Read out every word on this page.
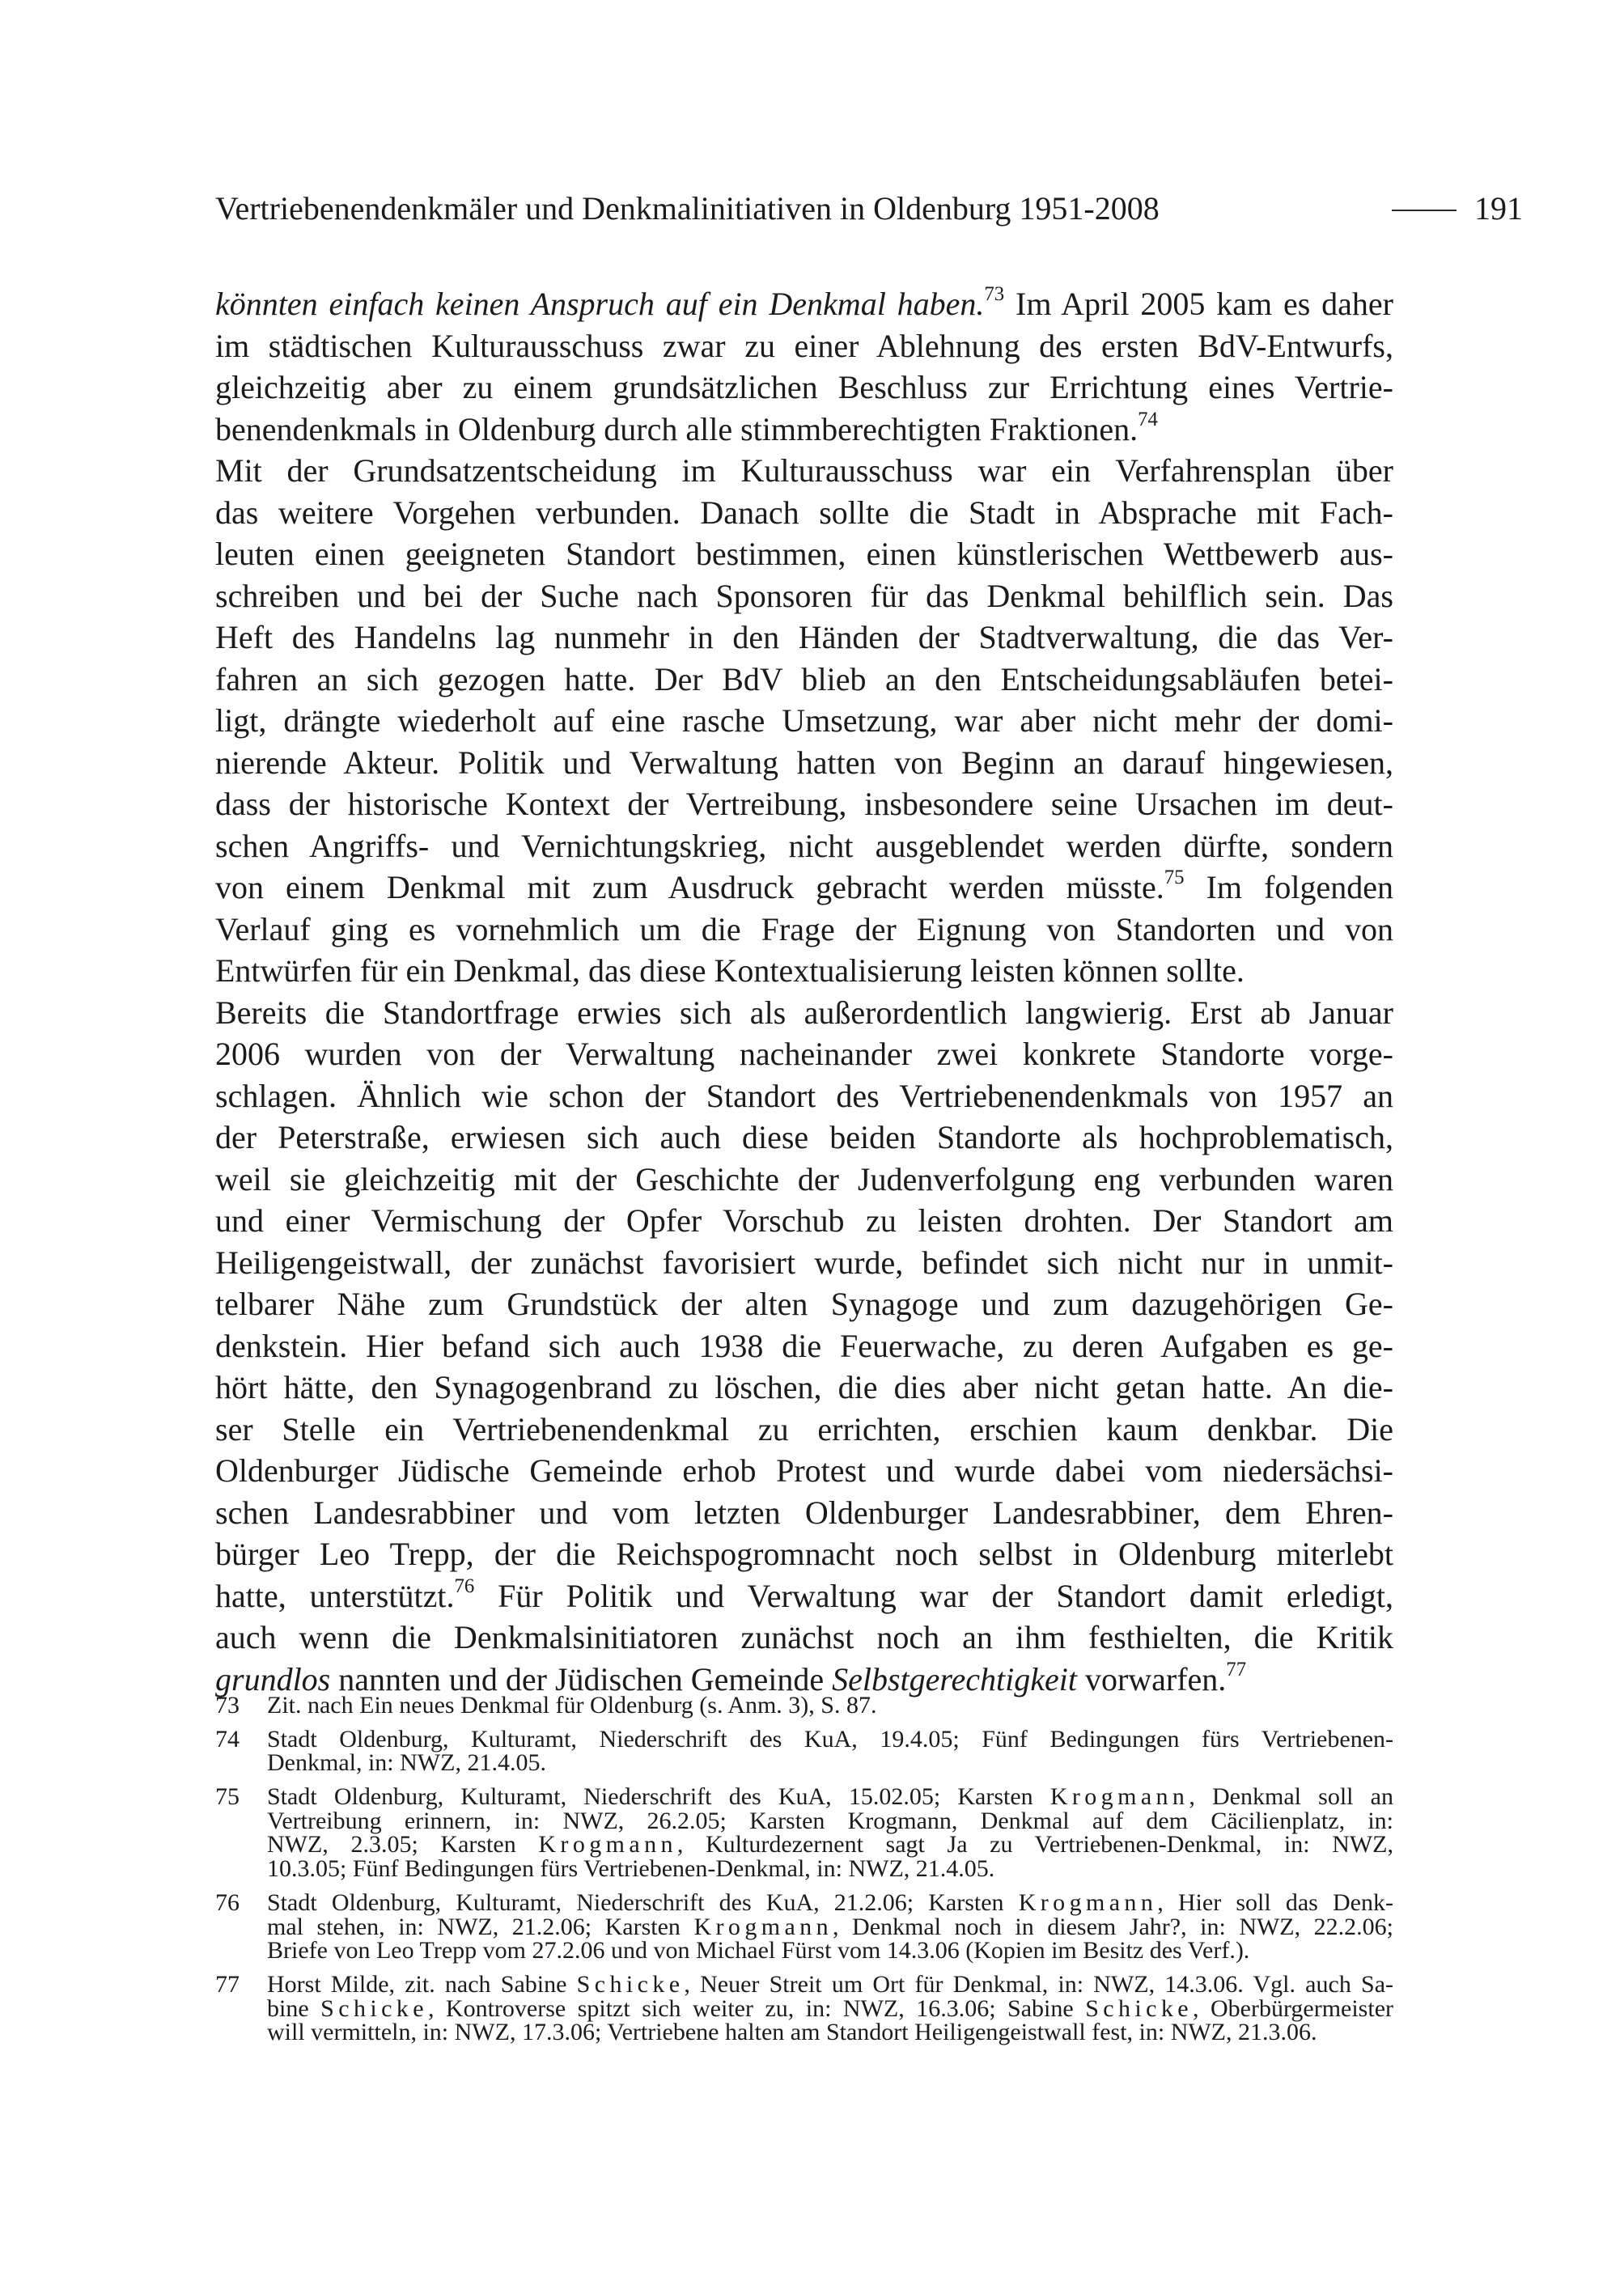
Vertriebenendenkmäler und Denkmalinitiativen in Oldenburg 1951-2008	191
könnten einfach keinen Anspruch auf ein Denkmal haben.$^{73}$ Im April 2005 kam es daher
im städtischen Kulturausschuss zwar zu einer Ablehnung des ersten BdV-Entwurfs,
gleichzeitig aber zu einem grundsätzlichen Beschluss zur Errichtung eines Vertrie-
benendenkmals in Oldenburg durch alle stimmberechtigten Fraktionen.$^{74}$
Mit der Grundsatzentscheidung im Kulturausschuss war ein Verfahrensplan über
das weitere Vorgehen verbunden. Danach sollte die Stadt in Absprache mit Fach-
leuten einen geeigneten Standort bestimmen, einen künstlerischen Wettbewerb aus-
schreiben und bei der Suche nach Sponsoren für das Denkmal behilflich sein. Das
Heft des Handelns lag nunmehr in den Händen der Stadtverwaltung, die das Ver-
fahren an sich gezogen hatte. Der BdV blieb an den Entscheidungsabläufen betei-
ligt, drängte wiederholt auf eine rasche Umsetzung, war aber nicht mehr der domi-
nierende Akteur. Politik und Verwaltung hatten von Beginn an darauf hingewiesen,
dass der historische Kontext der Vertreibung, insbesondere seine Ursachen im deut-
schen Angriffs- und Vernichtungskrieg, nicht ausgeblendet werden dürfte, sondern
von einem Denkmal mit zum Ausdruck gebracht werden müsste.$^{75}$ Im folgenden
Verlauf ging es vornehmlich um die Frage der Eignung von Standorten und von
Entwürfen für ein Denkmal, das diese Kontextualisierung leisten können sollte.
Bereits die Standortfrage erwies sich als außerordentlich langwierig. Erst ab Januar
2006 wurden von der Verwaltung nacheinander zwei konkrete Standorte vorge-
schlagen. Ähnlich wie schon der Standort des Vertriebenendenkmals von 1957 an
der Peterstraße, erwiesen sich auch diese beiden Standorte als hochproblematisch,
weil sie gleichzeitig mit der Geschichte der Judenverfolgung eng verbunden waren
und einer Vermischung der Opfer Vorschub zu leisten drohten. Der Standort am
Heiligengeistwall, der zunächst favorisiert wurde, befindet sich nicht nur in unmit-
telbarer Nähe zum Grundstück der alten Synagoge und zum dazugehörigen Ge-
denkstein. Hier befand sich auch 1938 die Feuerwache, zu deren Aufgaben es ge-
hört hätte, den Synagogenbrand zu löschen, die dies aber nicht getan hatte. An die-
ser Stelle ein Vertriebenendenkmal zu errichten, erschien kaum denkbar. Die
Oldenburger Jüdische Gemeinde erhob Protest und wurde dabei vom niedersächsi-
schen Landesrabbiner und vom letzten Oldenburger Landesrabbiner, dem Ehren-
bürger Leo Trepp, der die Reichspogromnacht noch selbst in Oldenburg miterlebt
hatte, unterstützt.$^{76}$ Für Politik und Verwaltung war der Standort damit erledigt,
auch wenn die Denkmalsinitiatoren zunächst noch an ihm festhielten, die Kritik
grundlos nannten und der Jüdischen Gemeinde Selbstgerechtigkeit vorwarfen.$^{77}$
73	Zit. nach Ein neues Denkmal für Oldenburg (s. Anm. 3), S. 87.
74	Stadt Oldenburg, Kulturamt, Niederschrift des KuA, 19.4.05; Fünf Bedingungen fürs Vertriebenen-
Denkmal, in: NWZ, 21.4.05.
75	Stadt Oldenburg, Kulturamt, Niederschrift des KuA, 15.02.05; Karsten Krogmann, Denkmal soll an
Vertreibung erinnern, in: NWZ, 26.2.05; Karsten Krogmann, Denkmal auf dem Cäcilienplatz, in:
NWZ, 2.3.05; Karsten Krogmann, Kulturdezernent sagt Ja zu Vertriebenen-Denkmal, in: NWZ,
10.3.05; Fünf Bedingungen fürs Vertriebenen-Denkmal, in: NWZ, 21.4.05.
76	Stadt Oldenburg, Kulturamt, Niederschrift des KuA, 21.2.06; Karsten Krogmann, Hier soll das Denk-
mal stehen, in: NWZ, 21.2.06; Karsten Krogmann, Denkmal noch in diesem Jahr?, in: NWZ, 22.2.06;
Briefe von Leo Trepp vom 27.2.06 und von Michael Fürst vom 14.3.06 (Kopien im Besitz des Verf.).
77	Horst Milde, zit. nach Sabine Schicke, Neuer Streit um Ort für Denkmal, in: NWZ, 14.3.06. Vgl. auch Sa-
bine Schicke, Kontroverse spitzt sich weiter zu, in: NWZ, 16.3.06; Sabine Schicke, Oberbürgermeister
will vermitteln, in: NWZ, 17.3.06; Vertriebene halten am Standort Heiligengeistwall fest, in: NWZ, 21.3.06.
